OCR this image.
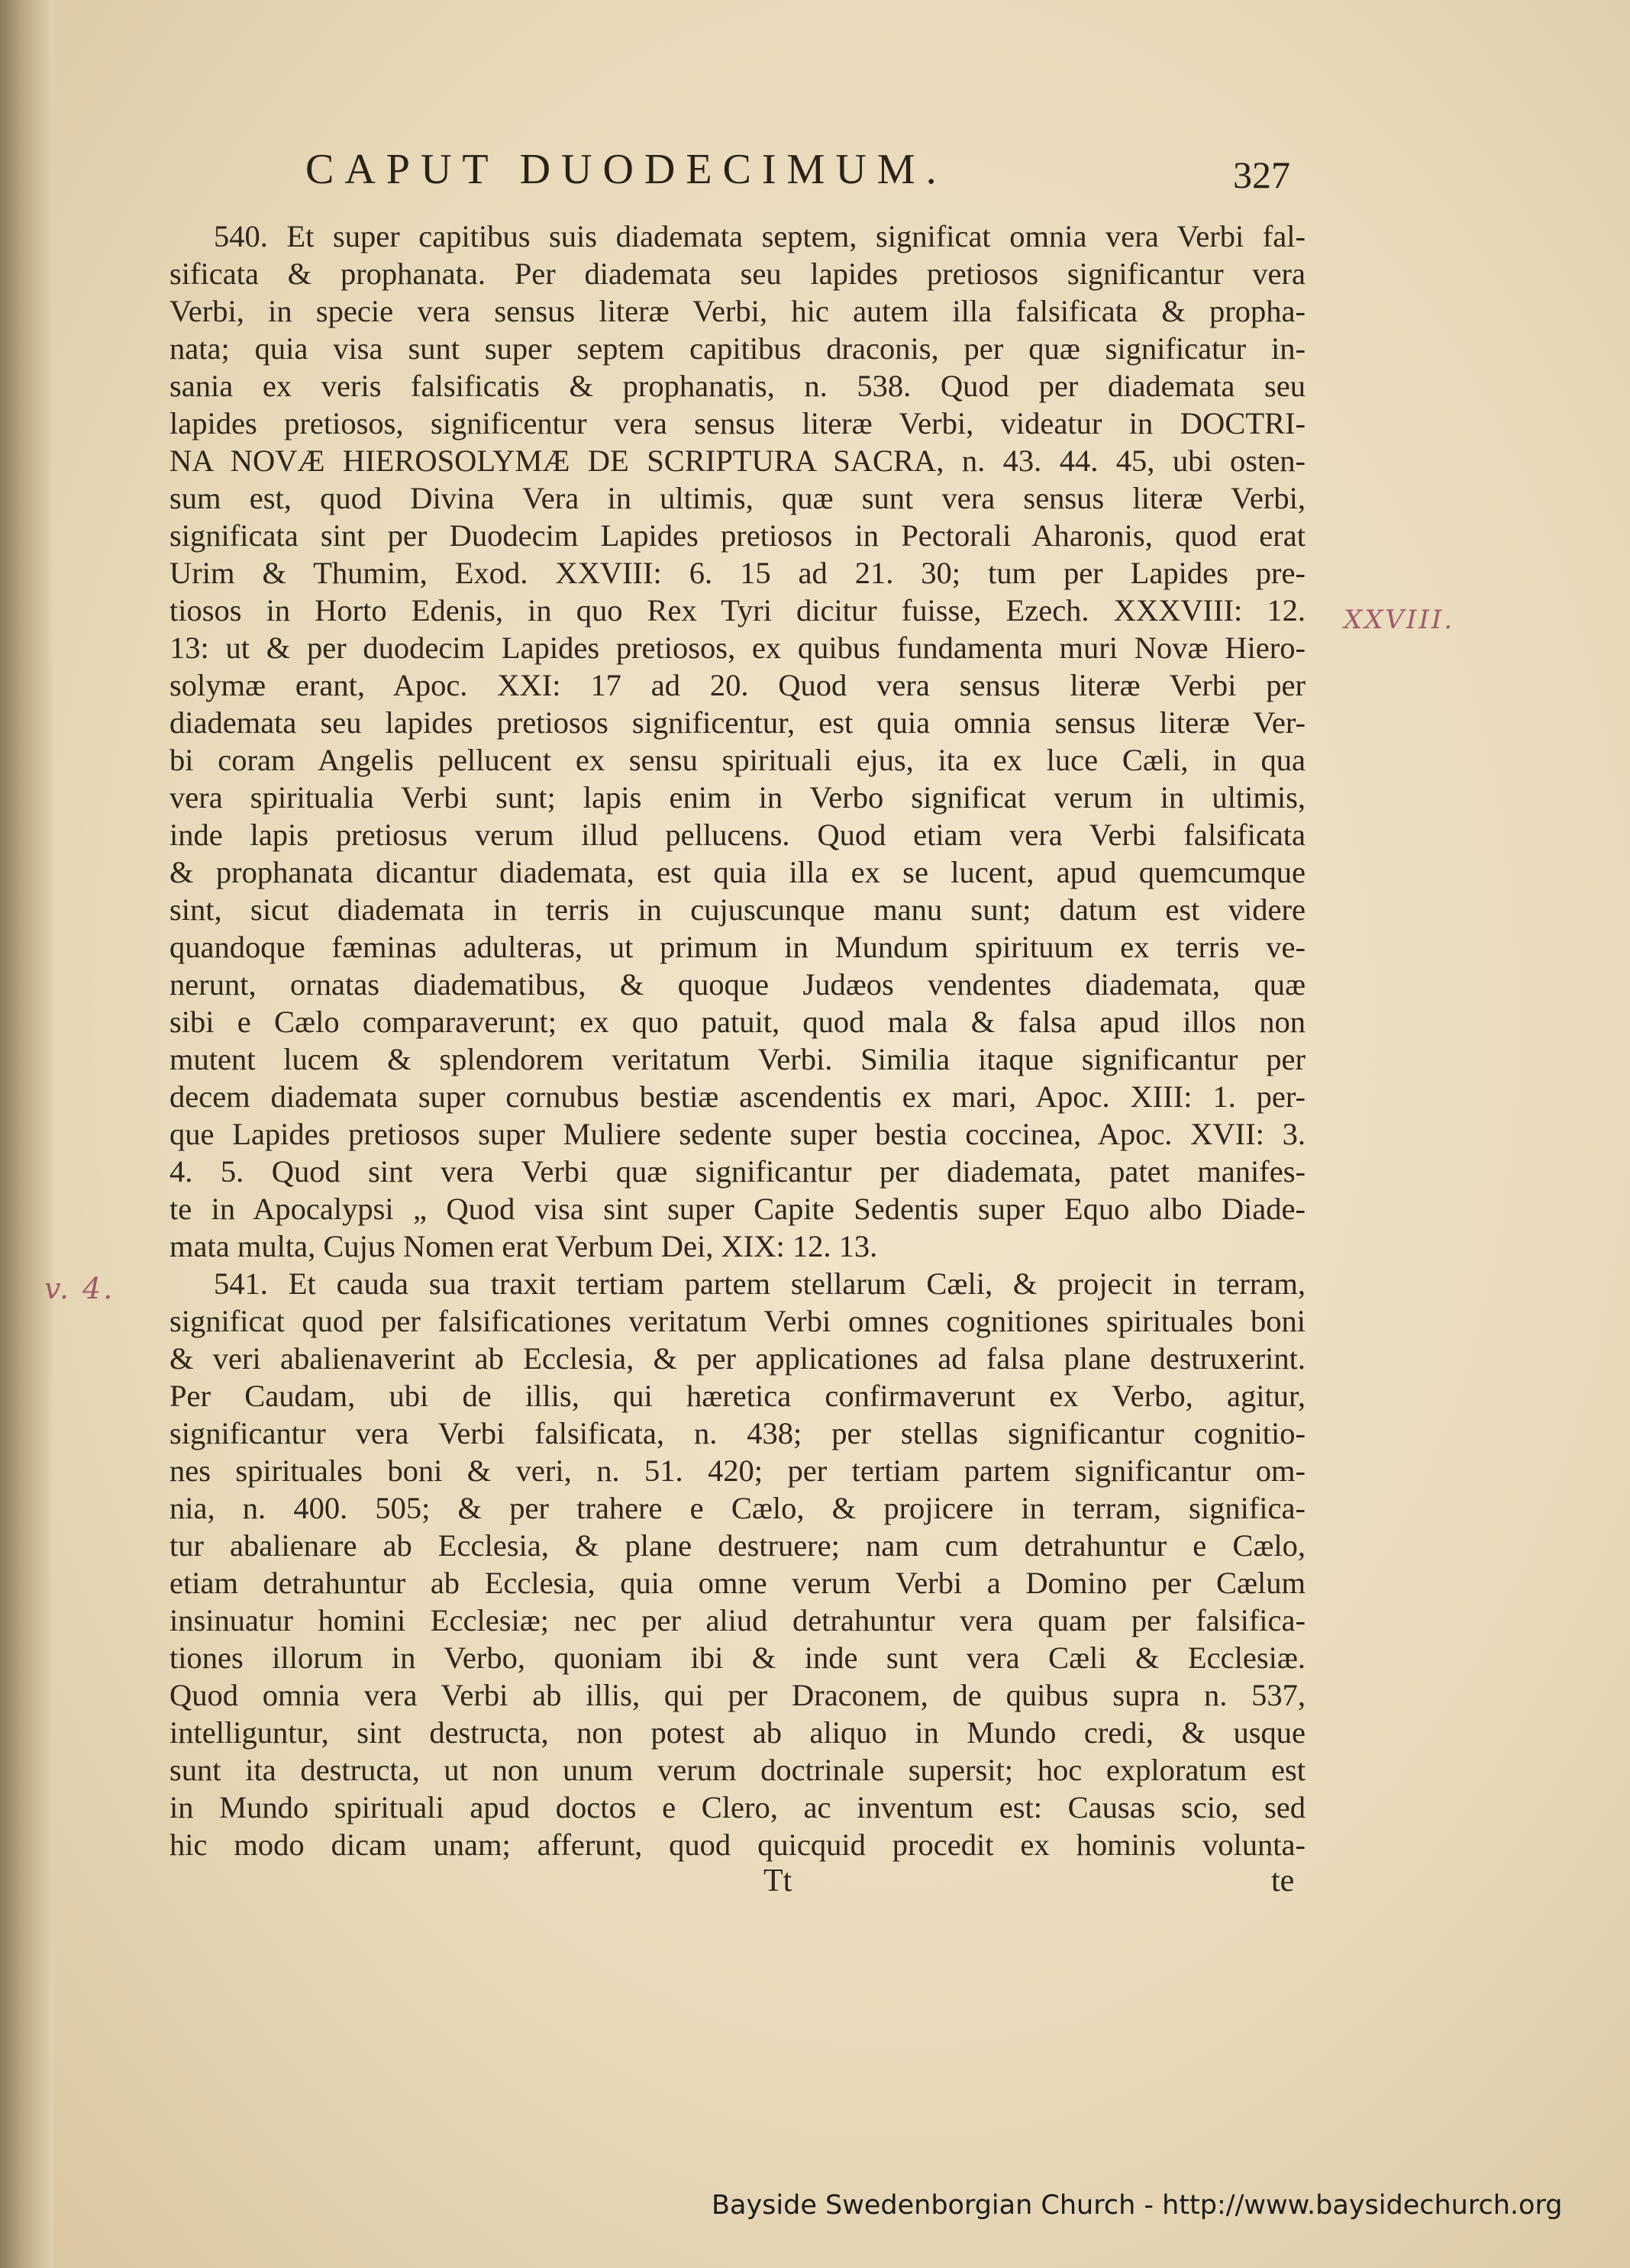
CAPUT DUODECIMUM.	327
540. Et super capitibus suis diademata septem, significat omnia vera Verbi fal-
sificata & prophanata. Per diademata seu lapides pretiosos significantur vera
Verbi, in specie vera sensus literæ Verbi, hic autem illa falsificata & propha-
nata; quia visa sunt super septem capitibus draconis, per quæ significatur in-
sania ex veris falsificatis & prophanatis, n. 538. Quod per diademata seu
lapides pretiosos, significentur vera sensus literæ Verbi, videatur in DOCTRI-
NA NOVÆ HIEROSOLYMÆ DE SCRIPTURA SACRA, n. 43. 44. 45, ubi osten-
sum est, quod Divina Vera in ultimis, quæ sunt vera sensus literæ Verbi,
significata sint per Duodecim Lapides pretiosos in Pectorali Aharonis, quod erat
Urim & Thumim, Exod. XXVIII: 6. 15 ad 21. 30; tum per Lapides pre-
tiosos in Horto Edenis, in quo Rex Tyri dicitur fuisse, Ezech. XXXVIII: 12.
13: ut & per duodecim Lapides pretiosos, ex quibus fundamenta muri Novæ Hiero-
solymæ erant, Apoc. XXI: 17 ad 20. Quod vera sensus literæ Verbi per
diademata seu lapides pretiosos significentur, est quia omnia sensus literæ Ver-
bi coram Angelis pellucent ex sensu spirituali ejus, ita ex luce Cæli, in qua
vera spiritualia Verbi sunt; lapis enim in Verbo significat verum in ultimis,
inde lapis pretiosus verum illud pellucens. Quod etiam vera Verbi falsificata
& prophanata dicantur diademata, est quia illa ex se lucent, apud quemcumque
sint, sicut diademata in terris in cujuscunque manu sunt; datum est videre
quandoque fæminas adulteras, ut primum in Mundum spirituum ex terris ve-
nerunt, ornatas diadematibus, & quoque Judæos vendentes diademata, quæ
sibi e Cælo comparaverunt; ex quo patuit, quod mala & falsa apud illos non
mutent lucem & splendorem veritatum Verbi. Similia itaque significantur per
decem diademata super cornubus bestiæ ascendentis ex mari, Apoc. XIII: 1. per-
que Lapides pretiosos super Muliere sedente super bestia coccinea, Apoc. XVII: 3.
4. 5. Quod sint vera Verbi quæ significantur per diademata, patet manifes-
te in Apocalypsi „ Quod visa sint super Capite Sedentis super Equo albo Diade-
mata multa, Cujus Nomen erat Verbum Dei, XIX: 12. 13.
541. Et cauda sua traxit tertiam partem stellarum Cæli, & projecit in terram,
significat quod per falsificationes veritatum Verbi omnes cognitiones spirituales boni
& veri abalienaverint ab Ecclesia, & per applicationes ad falsa plane destruxerint.
Per Caudam, ubi de illis, qui hæretica confirmaverunt ex Verbo, agitur,
significantur vera Verbi falsificata, n. 438; per stellas significantur cognitio-
nes spirituales boni & veri, n. 51. 420; per tertiam partem significantur om-
nia, n. 400. 505; & per trahere e Cælo, & projicere in terram, significa-
tur abalienare ab Ecclesia, & plane destruere; nam cum detrahuntur e Cælo,
etiam detrahuntur ab Ecclesia, quia omne verum Verbi a Domino per Cælum
insinuatur homini Ecclesiæ; nec per aliud detrahuntur vera quam per falsifica-
tiones illorum in Verbo, quoniam ibi & inde sunt vera Cæli & Ecclesiæ.
Quod omnia vera Verbi ab illis, qui per Draconem, de quibus supra n. 537,
intelliguntur, sint destructa, non potest ab aliquo in Mundo credi, & usque
sunt ita destructa, ut non unum verum doctrinale supersit; hoc exploratum est
in Mundo spirituali apud doctos e Clero, ac inventum est: Causas scio, sed
hic modo dicam unam; afferunt, quod quicquid procedit ex hominis volunta-
XXVIII.
v. 4.
Tt	te
Bayside Swedenborgian Church - http://www.baysidechurch.org
